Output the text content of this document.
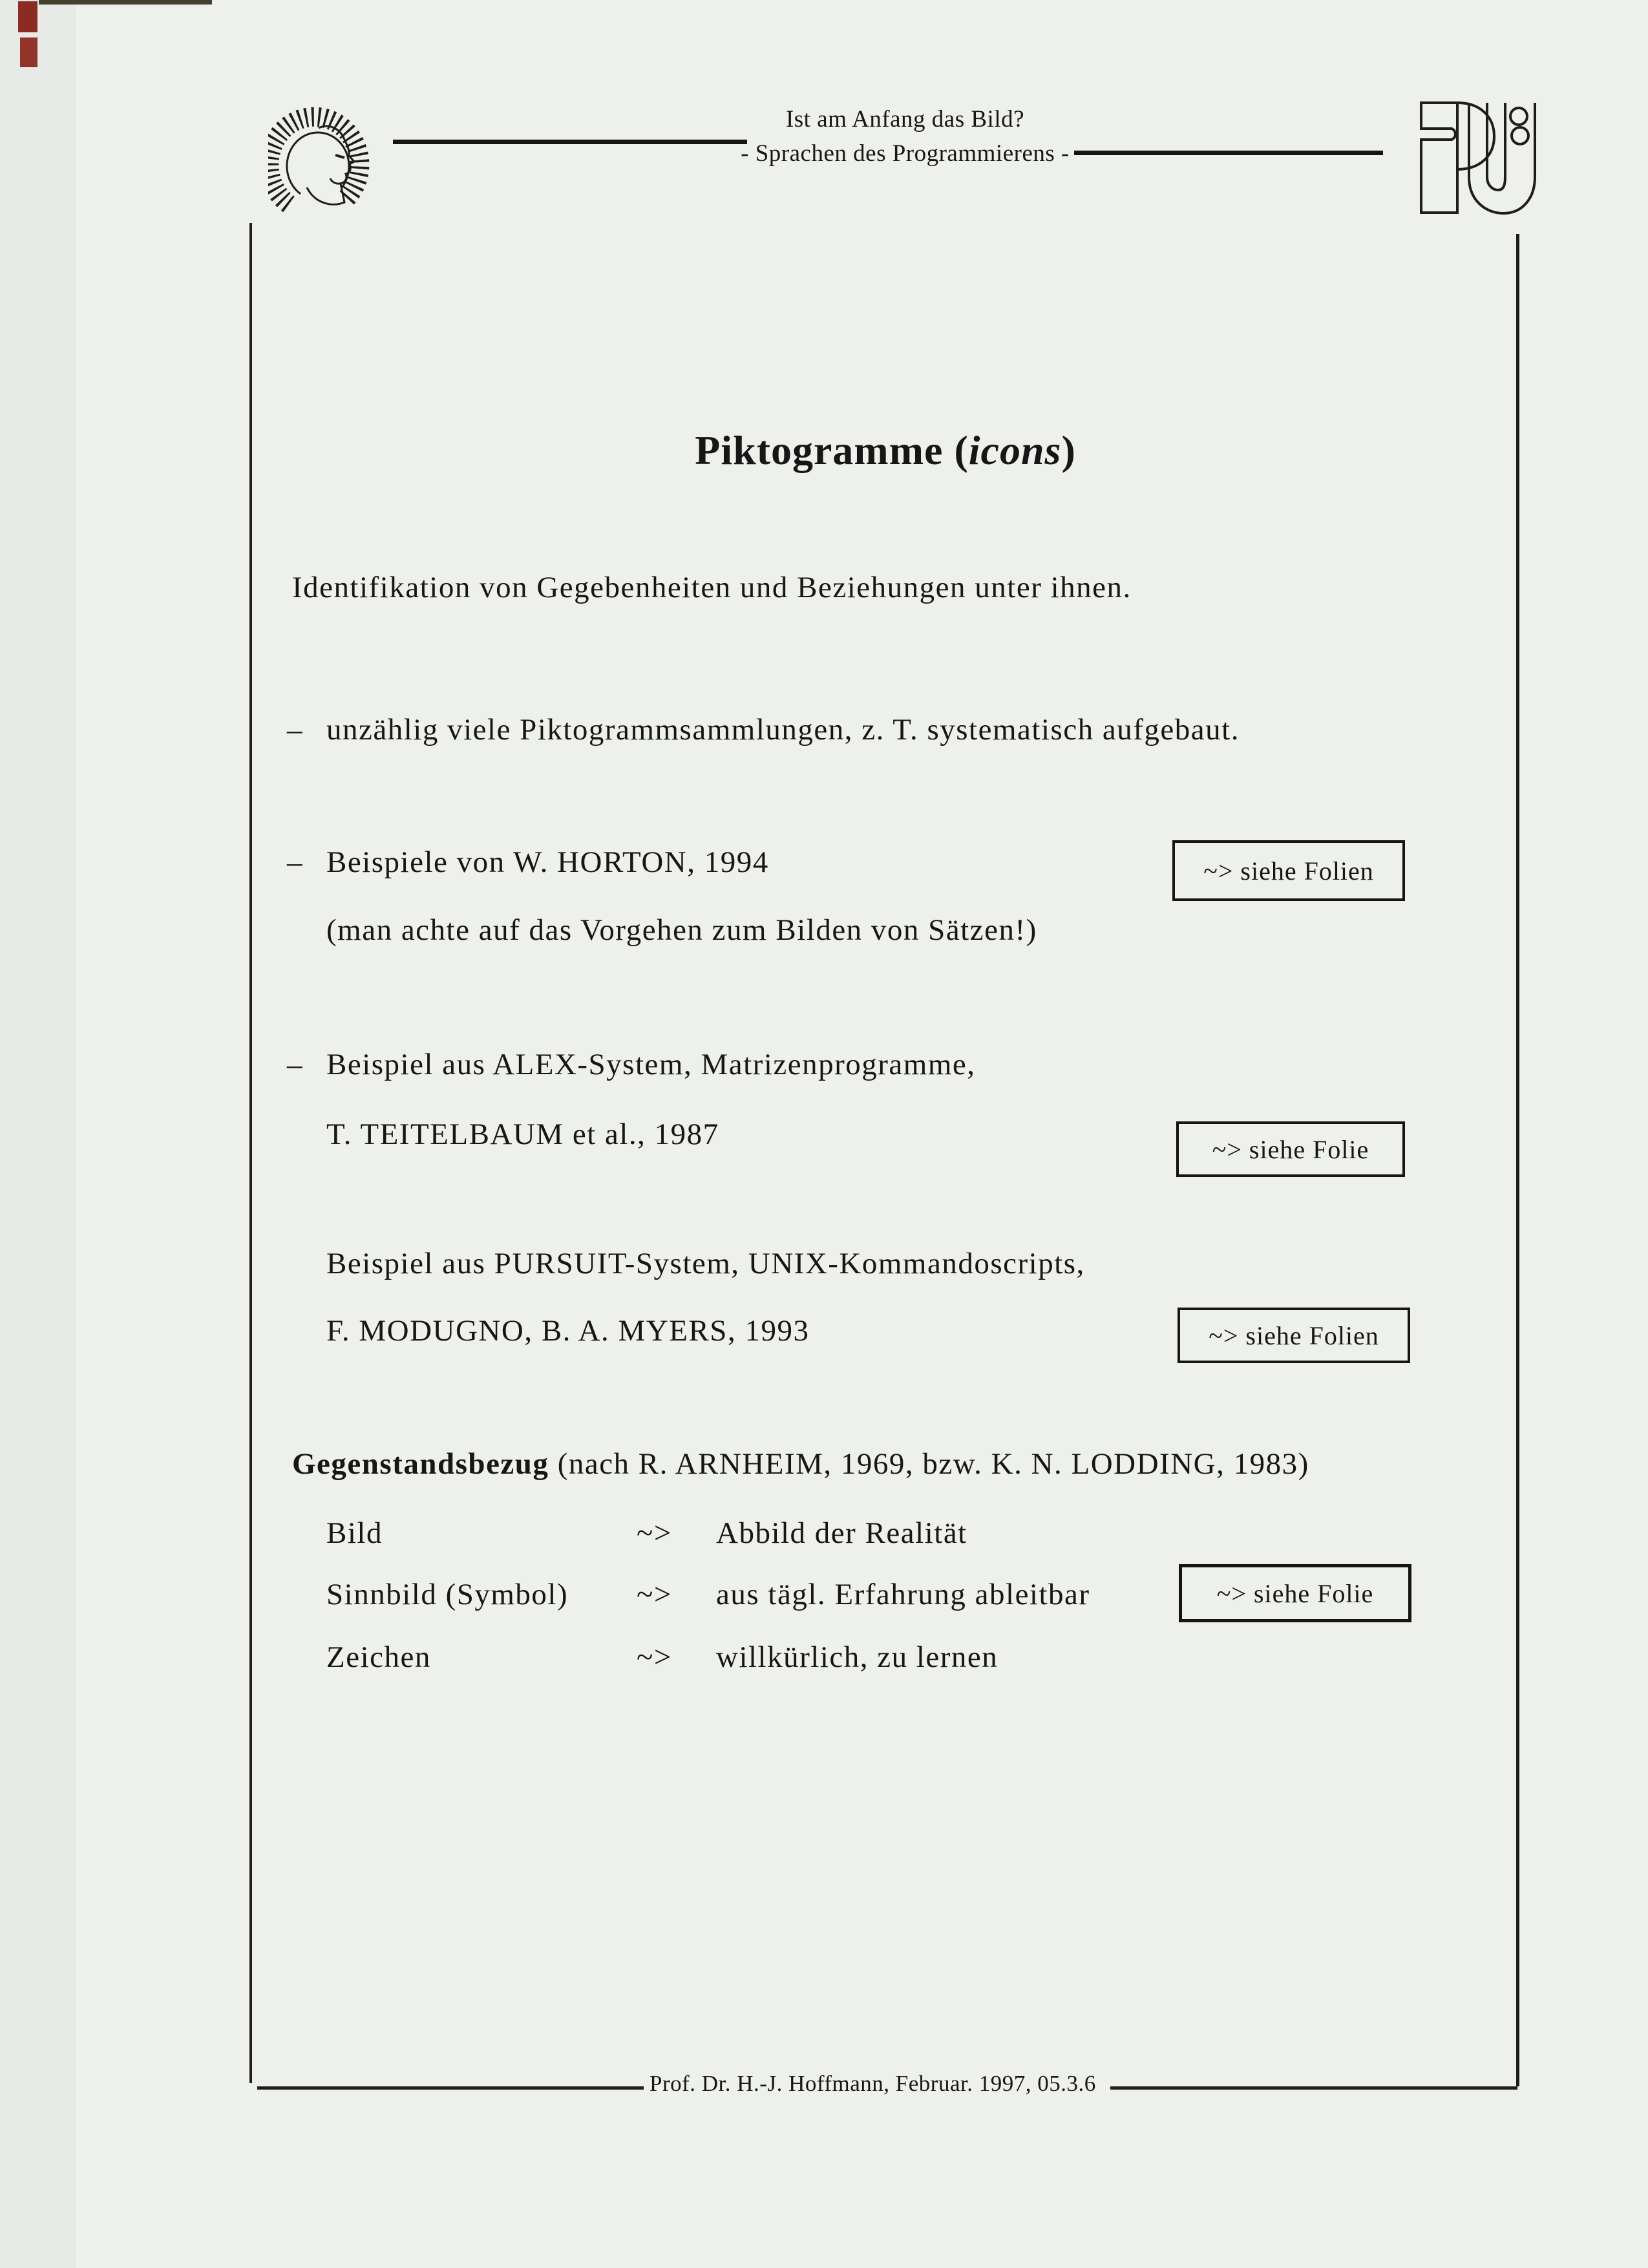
Ist am Anfang das Bild?
- Sprachen des Programmierens -
Piktogramme (icons)
Identifikation von Gegebenheiten und Beziehungen unter ihnen.
– unzählig viele Piktogrammsammlungen, z. T. systematisch aufgebaut.
– Beispiele von W. HORTON, 1994	~> siehe Folien
(man achte auf das Vorgehen zum Bilden von Sätzen!)
– Beispiel aus ALEX-System, Matrizenprogramme,
T. TEITELBAUM et al., 1987	~> siehe Folie
Beispiel aus PURSUIT-System, UNIX-Kommandoscripts,
F. MODUGNO, B. A. MYERS, 1993	~> siehe Folien
Gegenstandsbezug (nach R. ARNHEIM, 1969, bzw. K. N. LODDING, 1983)
Bild	~> Abbild der Realität
Sinnbild (Symbol) ~> aus tägl. Erfahrung ableitbar	~> siehe Folie
Zeichen	~> willkürlich, zu lernen
Prof. Dr. H.-J. Hoffmann, Februar. 1997, 05.3.6
